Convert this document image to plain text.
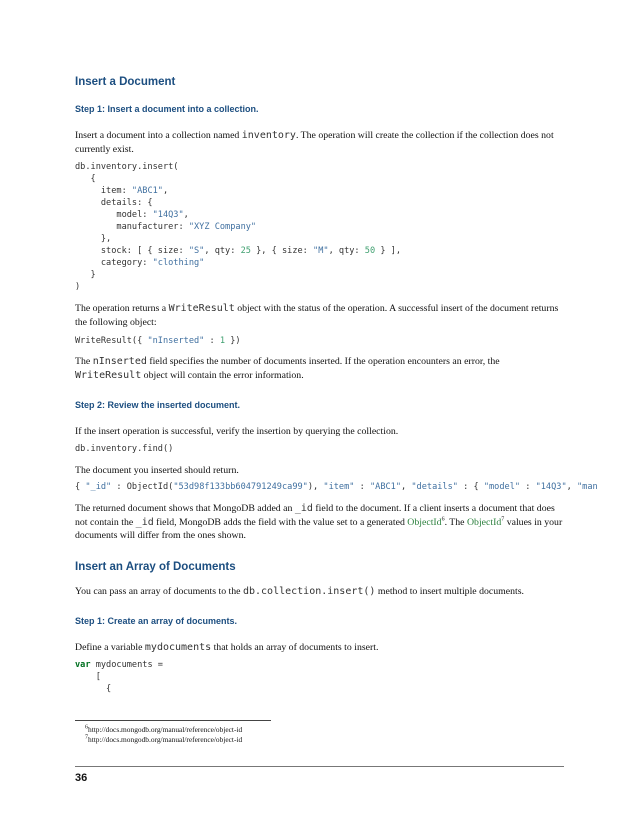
Insert a Document
Step 1: Insert a document into a collection.

Insert a document into a collection named inventory. The operation will create the collection if the collection does not currently exist.

db.inventory.insert(
{
item: "ABC1",
details: {
model: "14Q3",
manufacturer: "XYZ Company"
},
stock: [ { size: "S", qty: 25 }, { size: "M", qty: 50 } ],
category: "clothing"
}
)

The operation returns a WriteResult object with the status of the operation. A successful insert of the document returns the following object:

WriteResult({ "nInserted" : 1 })

The nInserted field specifies the number of documents inserted. If the operation encounters an error, the WriteResult object will contain the error information.

Step 2: Review the inserted document.

If the insert operation is successful, verify the insertion by querying the collection.

db.inventory.find()

The document you inserted should return.

{ "_id" : ObjectId("53d98f133bb604791249ca99"), "item" : "ABC1", "details" : { "model" : "14Q3", "man

The returned document shows that MongoDB added an _id field to the document. If a client inserts a document that does not contain the _id field, MongoDB adds the field with the value set to a generated ObjectId$^6$. The ObjectId$^7$ values in your documents will differ from the ones shown.

Insert an Array of Documents

You can pass an array of documents to the db.collection.insert() method to insert multiple documents.

Step 1: Create an array of documents.

Define a variable mydocuments that holds an array of documents to insert.

var mydocuments =
[
{
$^6$http://docs.mongodb.org/manual/reference/object-id
$^7$http://docs.mongodb.org/manual/reference/object-id
36
